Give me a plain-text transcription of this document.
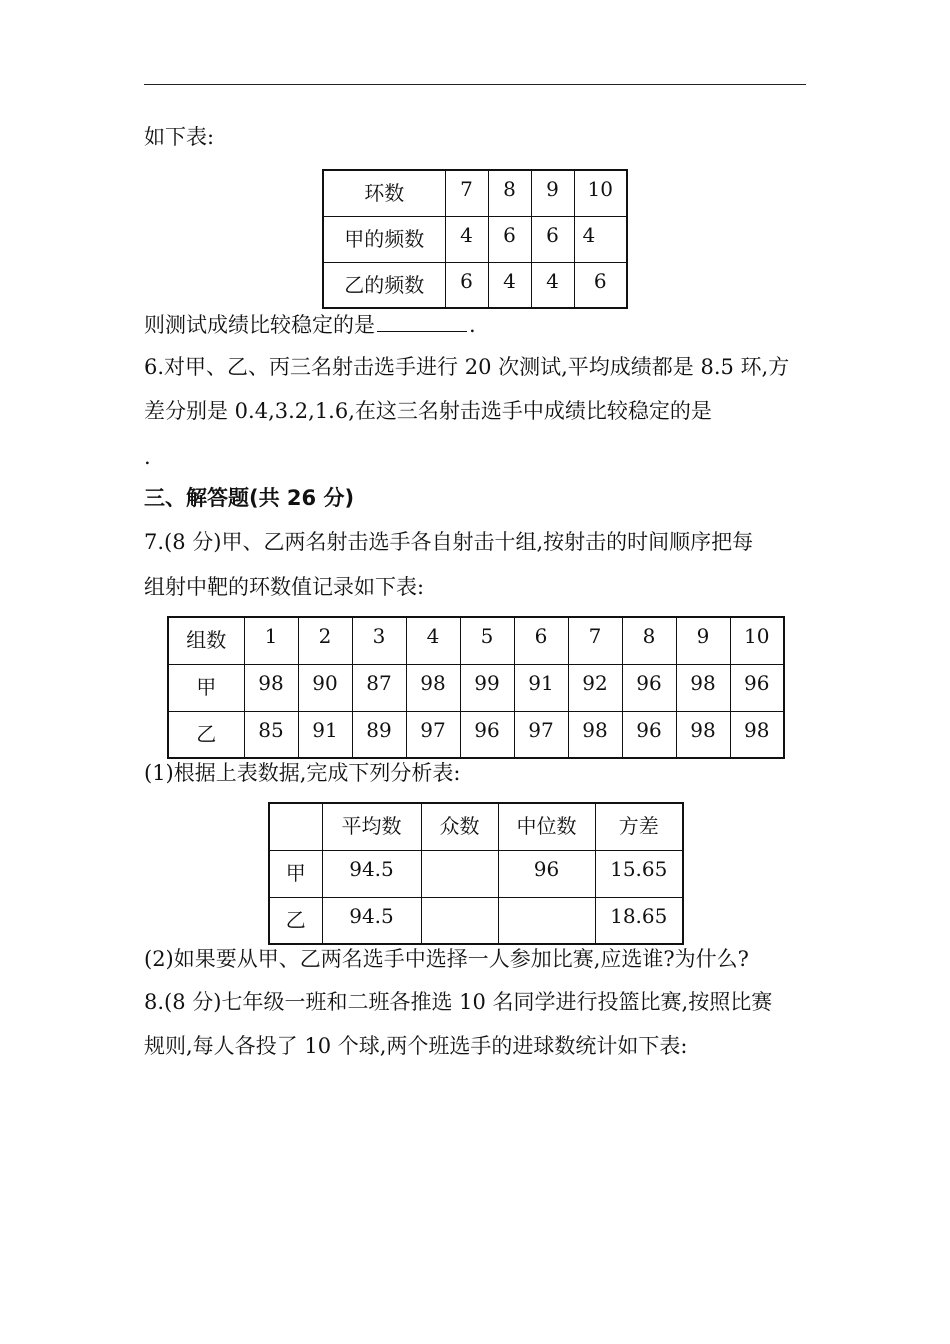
如下表:
环数	7	8	9	10
甲的频数	4	6	6	4
乙的频数	6	4	4	6
则测试成绩比较稳定的是	.
6.对甲、乙、丙三名射击选手进行 20 次测试,平均成绩都是 8.5 环,方
差分别是 0.4,3.2,1.6,在这三名射击选手中成绩比较稳定的是
.
三、解答题(共 26 分)
7.(8 分)甲、乙两名射击选手各自射击十组,按射击的时间顺序把每
组射中靶的环数值记录如下表:
组数	1	2	3	4	5	6	7	8	9	10
甲	98	90	87	98	99	91	92	96	98	96
乙	85	91	89	97	96	97	98	96	98	98
(1)根据上表数据,完成下列分析表:
	平均数	众数	中位数	方差
甲	94.5		96	15.65
乙	94.5			18.65
(2)如果要从甲、乙两名选手中选择一人参加比赛,应选谁?为什么?
8.(8 分)七年级一班和二班各推选 10 名同学进行投篮比赛,按照比赛
规则,每人各投了 10 个球,两个班选手的进球数统计如下表:
